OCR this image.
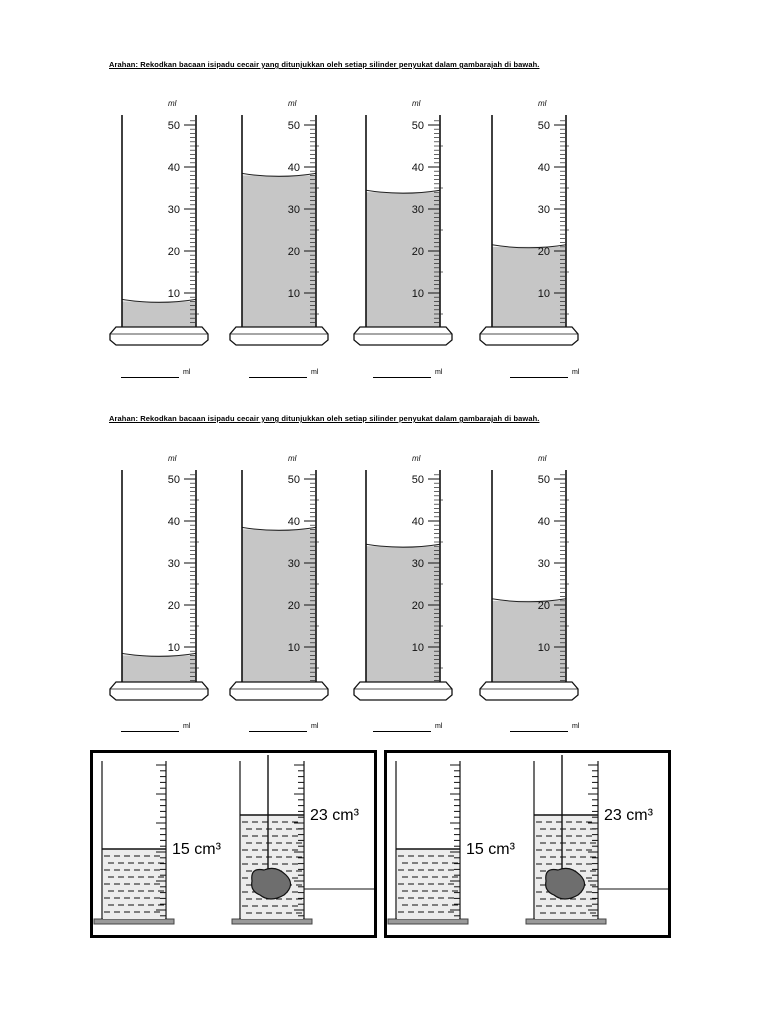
Arahan: Rekodkan bacaan isipadu cecair yang ditunjukkan oleh setiap silinder penyukat dalam gambarajah di bawah.
Arahan: Rekodkan bacaan isipadu cecair yang ditunjukkan oleh setiap silinder penyukat dalam gambarajah di bawah.
50
40
30
20
10
ml
50
40
30
20
10
ml
50
40
30
20
10
ml
50
40
30
20
10
ml
50
40
30
20
10
ml
50
40
30
20
10
ml
50
40
30
20
10
ml
50
40
30
20
10
ml
ml	ml	ml	ml
ml	ml	ml	ml
15 cm³
23 cm³
15 cm³
23 cm³
